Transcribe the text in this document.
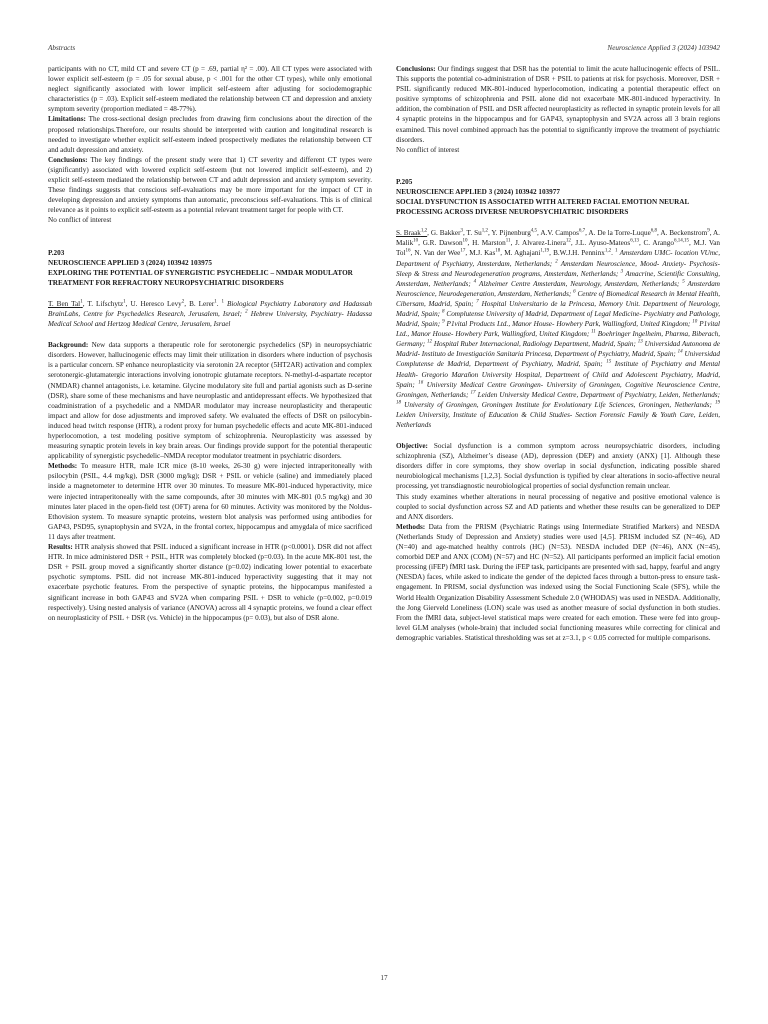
Abstracts	Neuroscience Applied 3 (2024) 103942

participants with no CT, mild CT and severe CT (p = .69, partial η² = .00). All CT types were associated with lower explicit self-esteem (p = .05 for sexual abuse, p < .001 for the other CT types), while only emotional neglect significantly associated with lower implicit self-esteem after adjusting for sociodemographic characteristics (p = .03). Explicit self-esteem mediated the relationship between CT and depression and anxiety symptom severity (proportion mediated = 48-77%).

Limitations: The cross-sectional design precludes from drawing firm conclusions about the direction of the proposed relationships.Therefore, our results should be interpreted with caution and longitudinal research is needed to investigate whether explicit self-esteem indeed prospectively mediates the relationship between CT and adult depression and anxiety.

Conclusions: The key findings of the present study were that 1) CT severity and different CT types were (significantly) associated with lowered explicit self-esteem (but not lowered implicit self-esteem), and 2) explicit self-esteem mediated the relationship between CT and adult depression and anxiety symptom severity. These findings suggests that conscious self-evaluations may be more important for the impact of CT in developing depression and anxiety symptoms than automatic, preconscious self-evaluations. This is of clinical relevance as it points to explicit self-esteem as a potential relevant treatment target for people with CT.

No conflict of interest

P.203

NEUROSCIENCE APPLIED 3 (2024) 103942 103975

EXPLORING THE POTENTIAL OF SYNERGISTIC PSYCHEDELIC – NMDAR MODULATOR TREATMENT FOR REFRACTORY NEUROPSYCHIATRIC DISORDERS

T. Ben Tal$^1$, T. Lifschytz$^1$, U. Heresco Levy$^2$, B. Lerer$^1$. $^1$ Biological Psychiatry Laboratory and Hadassah BrainLabs, Centre for Psychedelics Research, Jerusalem, Israel; $^2$ Hebrew University, Psychiatry- Hadassa Medical School and Hertzog Medical Centre, Jerusalem, Israel

Background: New data supports a therapeutic role for serotonergic psychedelics (SP) in neuropsychiatric disorders. However, hallucinogenic effects may limit their utilization in disorders where induction of psychosis is a particular concern. SP enhance neuroplasticity via serotonin 2A receptor (5HT2AR) activation and complex serotonergic-glutamatergic interactions involving ionotropic glutamate receptors. N-methyl-d-aspartate receptor (NMDAR) channel antagonists, i.e. ketamine. Glycine modulatory site full and partial agonists such as D-serine (DSR), share some of these mechanisms and have neuroplastic and antidepressant effects. We hypothesized that coadministration of a psychedelic and a NMDAR modulator may increase neuroplasticity and therapeutic impact and allow for dose adjustments and improved safety. We evaluated the effects of DSR on psilocybin-induced head twitch response (HTR), a rodent proxy for human psychedelic effects and acute MK-801-induced hyperlocomotion, a test modeling positive symptom of schizophrenia. Neuroplasticity was assessed by measuring synaptic protein levels in key brain areas. Our findings provide support for the potential therapeutic applicability of synergistic psychedelic–NMDA receptor modulator treatment in psychiatric disorders.

Methods: To measure HTR, male ICR mice (8-10 weeks, 26-30 g) were injected intraperitoneally with psilocybin (PSIL, 4.4 mg/kg), DSR (3000 mg/kg); DSR + PSIL or vehicle (saline) and immediately placed inside a magnetometer to determine HTR over 30 minutes. To measure MK-801-induced hyperactivity, mice were injected intraperitoneally with the same compounds, after 30 minutes with MK-801 (0.5 mg/kg) and 30 minutes later placed in the open-field test (OFT) arena for 60 minutes. Activity was monitored by the Noldus-Ethovision system. To measure synaptic proteins, western blot analysis was performed using antibodies for GAP43, PSD95, synaptophysin and SV2A, in the frontal cortex, hippocampus and amygdala of mice sacrificed 11 days after treatment.

Results: HTR analysis showed that PSIL induced a significant increase in HTR (p<0.0001). DSR did not affect HTR. In mice administered DSR + PSIL, HTR was completely blocked (p=0.03). In the acute MK-801 test, the DSR + PSIL group moved a significantly shorter distance (p=0.02) indicating lower potential to exacerbate psychotic symptoms. PSIL did not increase MK-801-induced hyperactivity suggesting that it may not exacerbate psychotic features. From the perspective of synaptic proteins, the hippocampus manifested a significant increase in both GAP43 and SV2A when comparing PSIL + DSR to vehicle (p=0.002, p=0.019 respectively). Using nested analysis of variance (ANOVA) across all 4 synaptic proteins, we found a clear effect on neuroplasticity of PSIL + DSR (vs. Vehicle) in the hippocampus (p= 0.03), but also of DSR alone.

Conclusions: Our findings suggest that DSR has the potential to limit the acute hallucinogenic effects of PSIL. This supports the potential co-administration of DSR + PSIL to patients at risk for psychosis. Moreover, DSR + PSIL significantly reduced MK-801-induced hyperlocomotion, indicating a potential therapeutic effect on positive symptoms of schizophrenia and PSIL alone did not exacerbate MK-801-induced hyperactivity. In addition, the combination of PSIL and DSR affected neuroplasticity as reflected in synaptic protein levels for all 4 synaptic proteins in the hippocampus and for GAP43, synaptophysin and SV2A across all 3 brain regions examined. This novel combined approach has the potential to significantly improve the treatment of psychiatric disorders.

No conflict of interest

P.205

NEUROSCIENCE APPLIED 3 (2024) 103942 103977

SOCIAL DYSFUNCTION IS ASSOCIATED WITH ALTERED FACIAL EMOTION NEURAL PROCESSING ACROSS DIVERSE NEUROPSYCHIATRIC DISORDERS

S. Braak$^{1,2}$, G. Bakker$^3$, T. Su$^{1,2}$, Y. Pijnenburg$^{4,5}$, A.V. Campos$^{6,7}$, A. De la Torre-Luque$^{6,8}$, A. Beckenstrom$^9$, A. Malik$^{10}$, G.R. Dawson$^{10}$, H. Marston$^{11}$, J. Alvarez-Linera$^{12}$, J.L. Ayuso-Mateos$^{6,13}$, C. Arango$^{6,14,15}$, M.J. Van Tol$^{16}$, N. Van der Wee$^{17}$, M.J. Kas$^{18}$, M. Aghajani$^{1,19}$, B.W.J.H. Penninx$^{1,2}$. $^1$ Amsterdam UMC- location VUmc, Department of Psychiatry, Amsterdam, Netherlands; $^2$ Amsterdam Neuroscience, Mood- Anxiety- Psychosis- Sleep & Stress and Neurodegeneration programs, Amsterdam, Netherlands; $^3$ Amacrine, Scientific Consulting, Amsterdam, Netherlands; $^4$ Alzheimer Centre Amsterdam, Neurology, Amsterdam, Netherlands; $^5$ Amsterdam Neuroscience, Neurodegeneration, Amsterdam, Netherlands; $^6$ Centre of Biomedical Research in Mental Health, Cibersam, Madrid, Spain; $^7$ Hospital Universitario de la Princesa, Memory Unit. Department of Neurology, Madrid, Spain; $^8$ Complutense University of Madrid, Department of Legal Medicine- Psychiatry and Pathology, Madrid, Spain; $^9$ P1vital Products Ltd., Manor House- Howbery Park, Wallingford, United Kingdom; $^{10}$ P1vital Ltd., Manor House- Howbery Park, Wallingford, United Kingdom; $^{11}$ Boehringer Ingelheim, Pharma, Biberach, Germany; $^{12}$ Hospital Ruber Internacional, Radiology Department, Madrid, Spain; $^{13}$ Universidad Autonoma de Madrid- Instituto de Investigación Sanitaria Princesa, Department of Psychiatry, Madrid, Spain; $^{14}$ Universidad Complutense de Madrid, Department of Psychiatry, Madrid, Spain; $^{15}$ Institute of Psychiatry and Mental Health- Gregorio Marañon University Hospital, Department of Child and Adolescent Psychiatry, Madrid, Spain; $^{16}$ University Medical Centre Groningen- University of Groningen, Cognitive Neuroscience Centre, Groningen, Netherlands; $^{17}$ Leiden University Medical Centre, Department of Psychiatry, Leiden, Netherlands; $^{18}$ University of Groningen, Groningen Institute for Evolutionary Life Sciences, Groningen, Netherlands; $^{19}$ Leiden University, Institute of Education & Child Studies- Section Forensic Family & Youth Care, Leiden, Netherlands

Objective: Social dysfunction is a common symptom across neuropsychiatric disorders, including schizophrenia (SZ), Alzheimer’s disease (AD), depression (DEP) and anxiety (ANX) [1]. Although these disorders differ in core symptoms, they show overlap in social dysfunction, indicating possible shared neurobiological mechanisms [1,2,3]. Social dysfunction is typified by clear alterations in socio-affective neural processing, yet transdiagnostic neurobiological properties of social dysfunction remain unclear.

This study examines whether alterations in neural processing of negative and positive emotional valence is coupled to social dysfunction across SZ and AD patients and whether these results can be generalized to DEP and ANX disorders.

Methods: Data from the PRISM (Psychiatric Ratings using Intermediate Stratified Markers) and NESDA (Netherlands Study of Depression and Anxiety) studies were used [4,5]. PRISM included SZ (N=46), AD (N=40) and age-matched healthy controls (HC) (N=53). NESDA included DEP (N=46), ANX (N=45), comorbid DEP and ANX (COM) (N=57) and HC (N=52). All participants performed an implicit facial emotion processing (iFEP) fMRI task. During the iFEP task, participants are presented with sad, happy, fearful and angry (NESDA) faces, while asked to indicate the gender of the depicted faces through a button-press to ensure task-engagement. In PRISM, social dysfunction was indexed using the Social Functioning Scale (SFS), while the World Health Organization Disability Assessment Schedule 2.0 (WHODAS) was used in NESDA. Additionally, the Jong Gierveld Loneliness (LON) scale was used as another measure of social dysfunction in both studies. From the fMRI data, subject-level statistical maps were created for each emotion. These were fed into group-level GLM analyses (whole-brain) that included social functioning measures while correcting for clinical and demographic variables. Statistical thresholding was set at z=3.1, p < 0.05 corrected for multiple comparisons.

17
